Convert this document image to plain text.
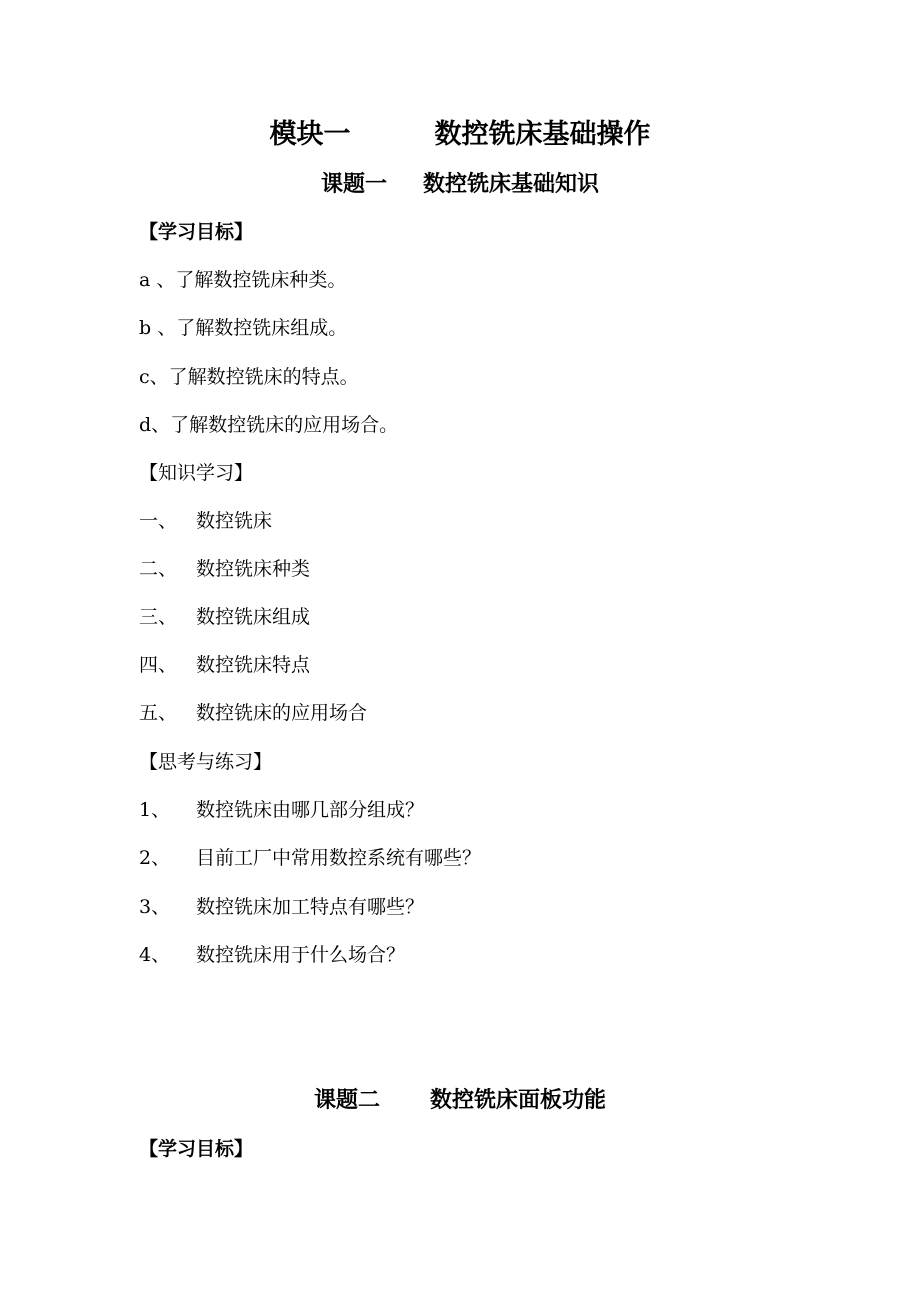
模块一	数控铣床基础操作
课题一 数控铣床基础知识
【学习目标】
a 、了解数控铣床种类。
b 、了解数控铣床组成。
c、了解数控铣床的特点。
d、了解数控铣床的应用场合。
【知识学习】
一、 数控铣床
二、 数控铣床种类
三、 数控铣床组成
四、 数控铣床特点
五、 数控铣床的应用场合
【思考与练习】
1、 数控铣床由哪几部分组成？
2、 目前工厂中常用数控系统有哪些？
3、 数控铣床加工特点有哪些？
4、 数控铣床用于什么场合？
课题二 数控铣床面板功能
【学习目标】
